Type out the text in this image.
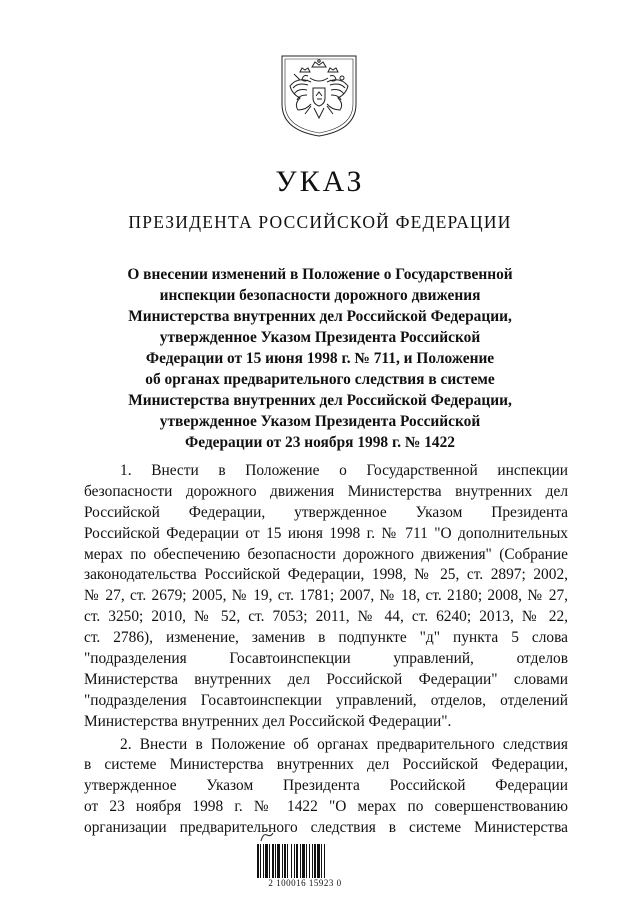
УКАЗ
ПРЕЗИДЕНТА РОССИЙСКОЙ ФЕДЕРАЦИИ
О внесении изменений в Положение о Государственной
инспекции безопасности дорожного движения
Министерства внутренних дел Российской Федерации,
утвержденное Указом Президента Российской
Федерации от 15 июня 1998 г. № 711, и Положение
об органах предварительного следствия в системе
Министерства внутренних дел Российской Федерации,
утвержденное Указом Президента Российской
Федерации от 23 ноября 1998 г. № 1422
1. Внести в Положение о Государственной инспекции
безопасности дорожного движения Министерства внутренних дел
Российской Федерации, утвержденное Указом Президента
Российской Федерации от 15 июня 1998 г. № 711 "О дополнительных
мерах по обеспечению безопасности дорожного движения" (Собрание
законодательства Российской Федерации, 1998, № 25, ст. 2897; 2002,
№ 27, ст. 2679; 2005, № 19, ст. 1781; 2007, № 18, ст. 2180; 2008, № 27,
ст. 3250; 2010, № 52, ст. 7053; 2011, № 44, ст. 6240; 2013, № 22,
ст. 2786), изменение, заменив в подпункте "д" пункта 5 слова
"подразделения Госавтоинспекции управлений, отделов
Министерства внутренних дел Российской Федерации" словами
"подразделения Госавтоинспекции управлений, отделов, отделений
Министерства внутренних дел Российской Федерации".
2. Внести в Положение об органах предварительного следствия
в системе Министерства внутренних дел Российской Федерации,
утвержденное Указом Президента Российской Федерации
от 23 ноября 1998 г. № 1422 "О мерах по совершенствованию
организации предварительного следствия в системе Министерства
2 100016 15923 0
